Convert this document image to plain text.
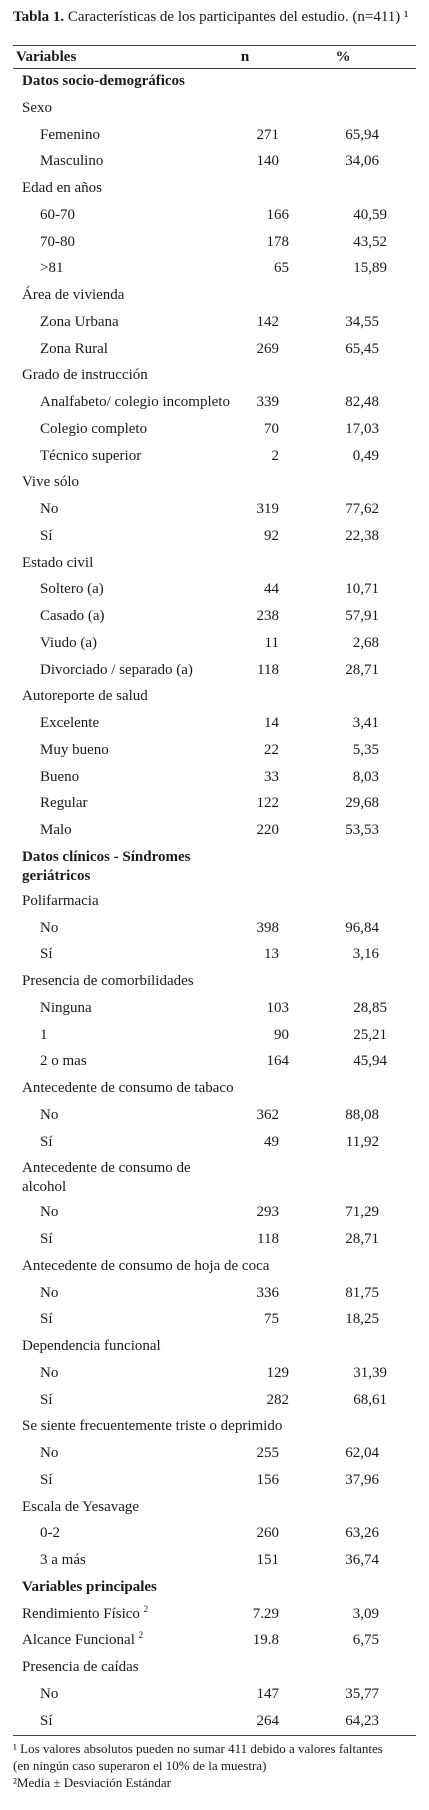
Tabla 1. Características de los participantes del estudio. (n=411) ¹
Variables	n	%
Datos socio-demográficos
Sexo
Femenino	271	65,94
Masculino	140	34,06
Edad en años
60-70	166	40,59
70-80	178	43,52
>81	65	15,89
Área de vivienda
Zona Urbana	142	34,55
Zona Rural	269	65,45
Grado de instrucción
Analfabeto/ colegio incompleto	339	82,48
Colegio completo	70	17,03
Técnico superior	2	0,49
Vive sólo
No	319	77,62
Sí	92	22,38
Estado civil
Soltero (a)	44	10,71
Casado (a)	238	57,91
Viudo (a)	11	2,68
Divorciado / separado (a)	118	28,71
Autoreporte de salud
Excelente	14	3,41
Muy bueno	22	5,35
Bueno	33	8,03
Regular	122	29,68
Malo	220	53,53
Datos clínicos - Síndromes
geriátricos
Polifarmacia
No	398	96,84
Sí	13	3,16
Presencia de comorbilidades
Ninguna	103	28,85
1	90	25,21
2 o mas	164	45,94
Antecedente de consumo de tabaco
No	362	88,08
Sí	49	11,92
Antecedente de consumo de
alcohol
No	293	71,29
Sí	118	28,71
Antecedente de consumo de hoja de coca
No	336	81,75
Sí	75	18,25
Dependencia funcional
No	129	31,39
Sí	282	68,61
Se siente frecuentemente triste o deprimido
No	255	62,04
Sí	156	37,96
Escala de Yesavage
0-2	260	63,26
3 a más	151	36,74
Variables principales
Rendimiento Físico $^2$	7.29	3,09
Alcance Funcional $^2$	19.8	6,75
Presencia de caídas
No	147	35,77
Sí	264	64,23
¹ Los valores absolutos pueden no sumar 411 debido a valores faltantes
(en ningún caso superaron el 10% de la muestra)
²Media ± Desviación Estándar
